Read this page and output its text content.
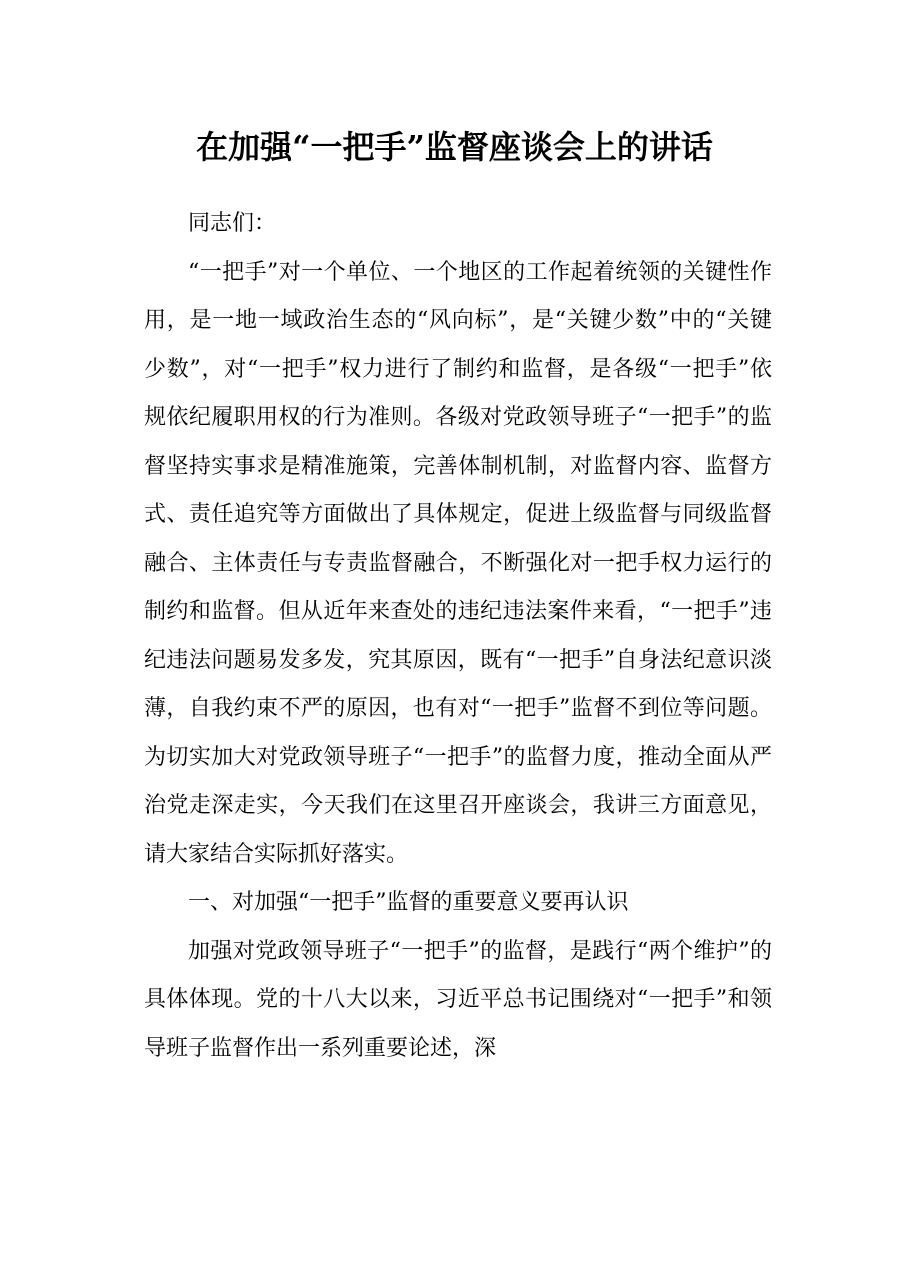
在加强“一把手”监督座谈会上的讲话

同志们：

“一把手”对一个单位、一个地区的工作起着统领的关键性作用，是一地一域政治生态的“风向标”，是“关键少数”中的“关键少数”，对“一把手”权力进行了制约和监督，是各级“一把手”依规依纪履职用权的行为准则。各级对党政领导班子“一把手”的监督坚持实事求是精准施策，完善体制机制，对监督内容、监督方式、责任追究等方面做出了具体规定，促进上级监督与同级监督融合、主体责任与专责监督融合，不断强化对一把手权力运行的制约和监督。但从近年来查处的违纪违法案件来看，“一把手”违纪违法问题易发多发，究其原因，既有“一把手”自身法纪意识淡薄，自我约束不严的原因，也有对“一把手”监督不到位等问题。为切实加大对党政领导班子“一把手”的监督力度，推动全面从严治党走深走实，今天我们在这里召开座谈会，我讲三方面意见，请大家结合实际抓好落实。

一、对加强“一把手”监督的重要意义要再认识

加强对党政领导班子“一把手”的监督，是践行“两个维护”的具体体现。党的十八大以来，习近平总书记围绕对“一把手”和领导班子监督作出一系列重要论述，深
